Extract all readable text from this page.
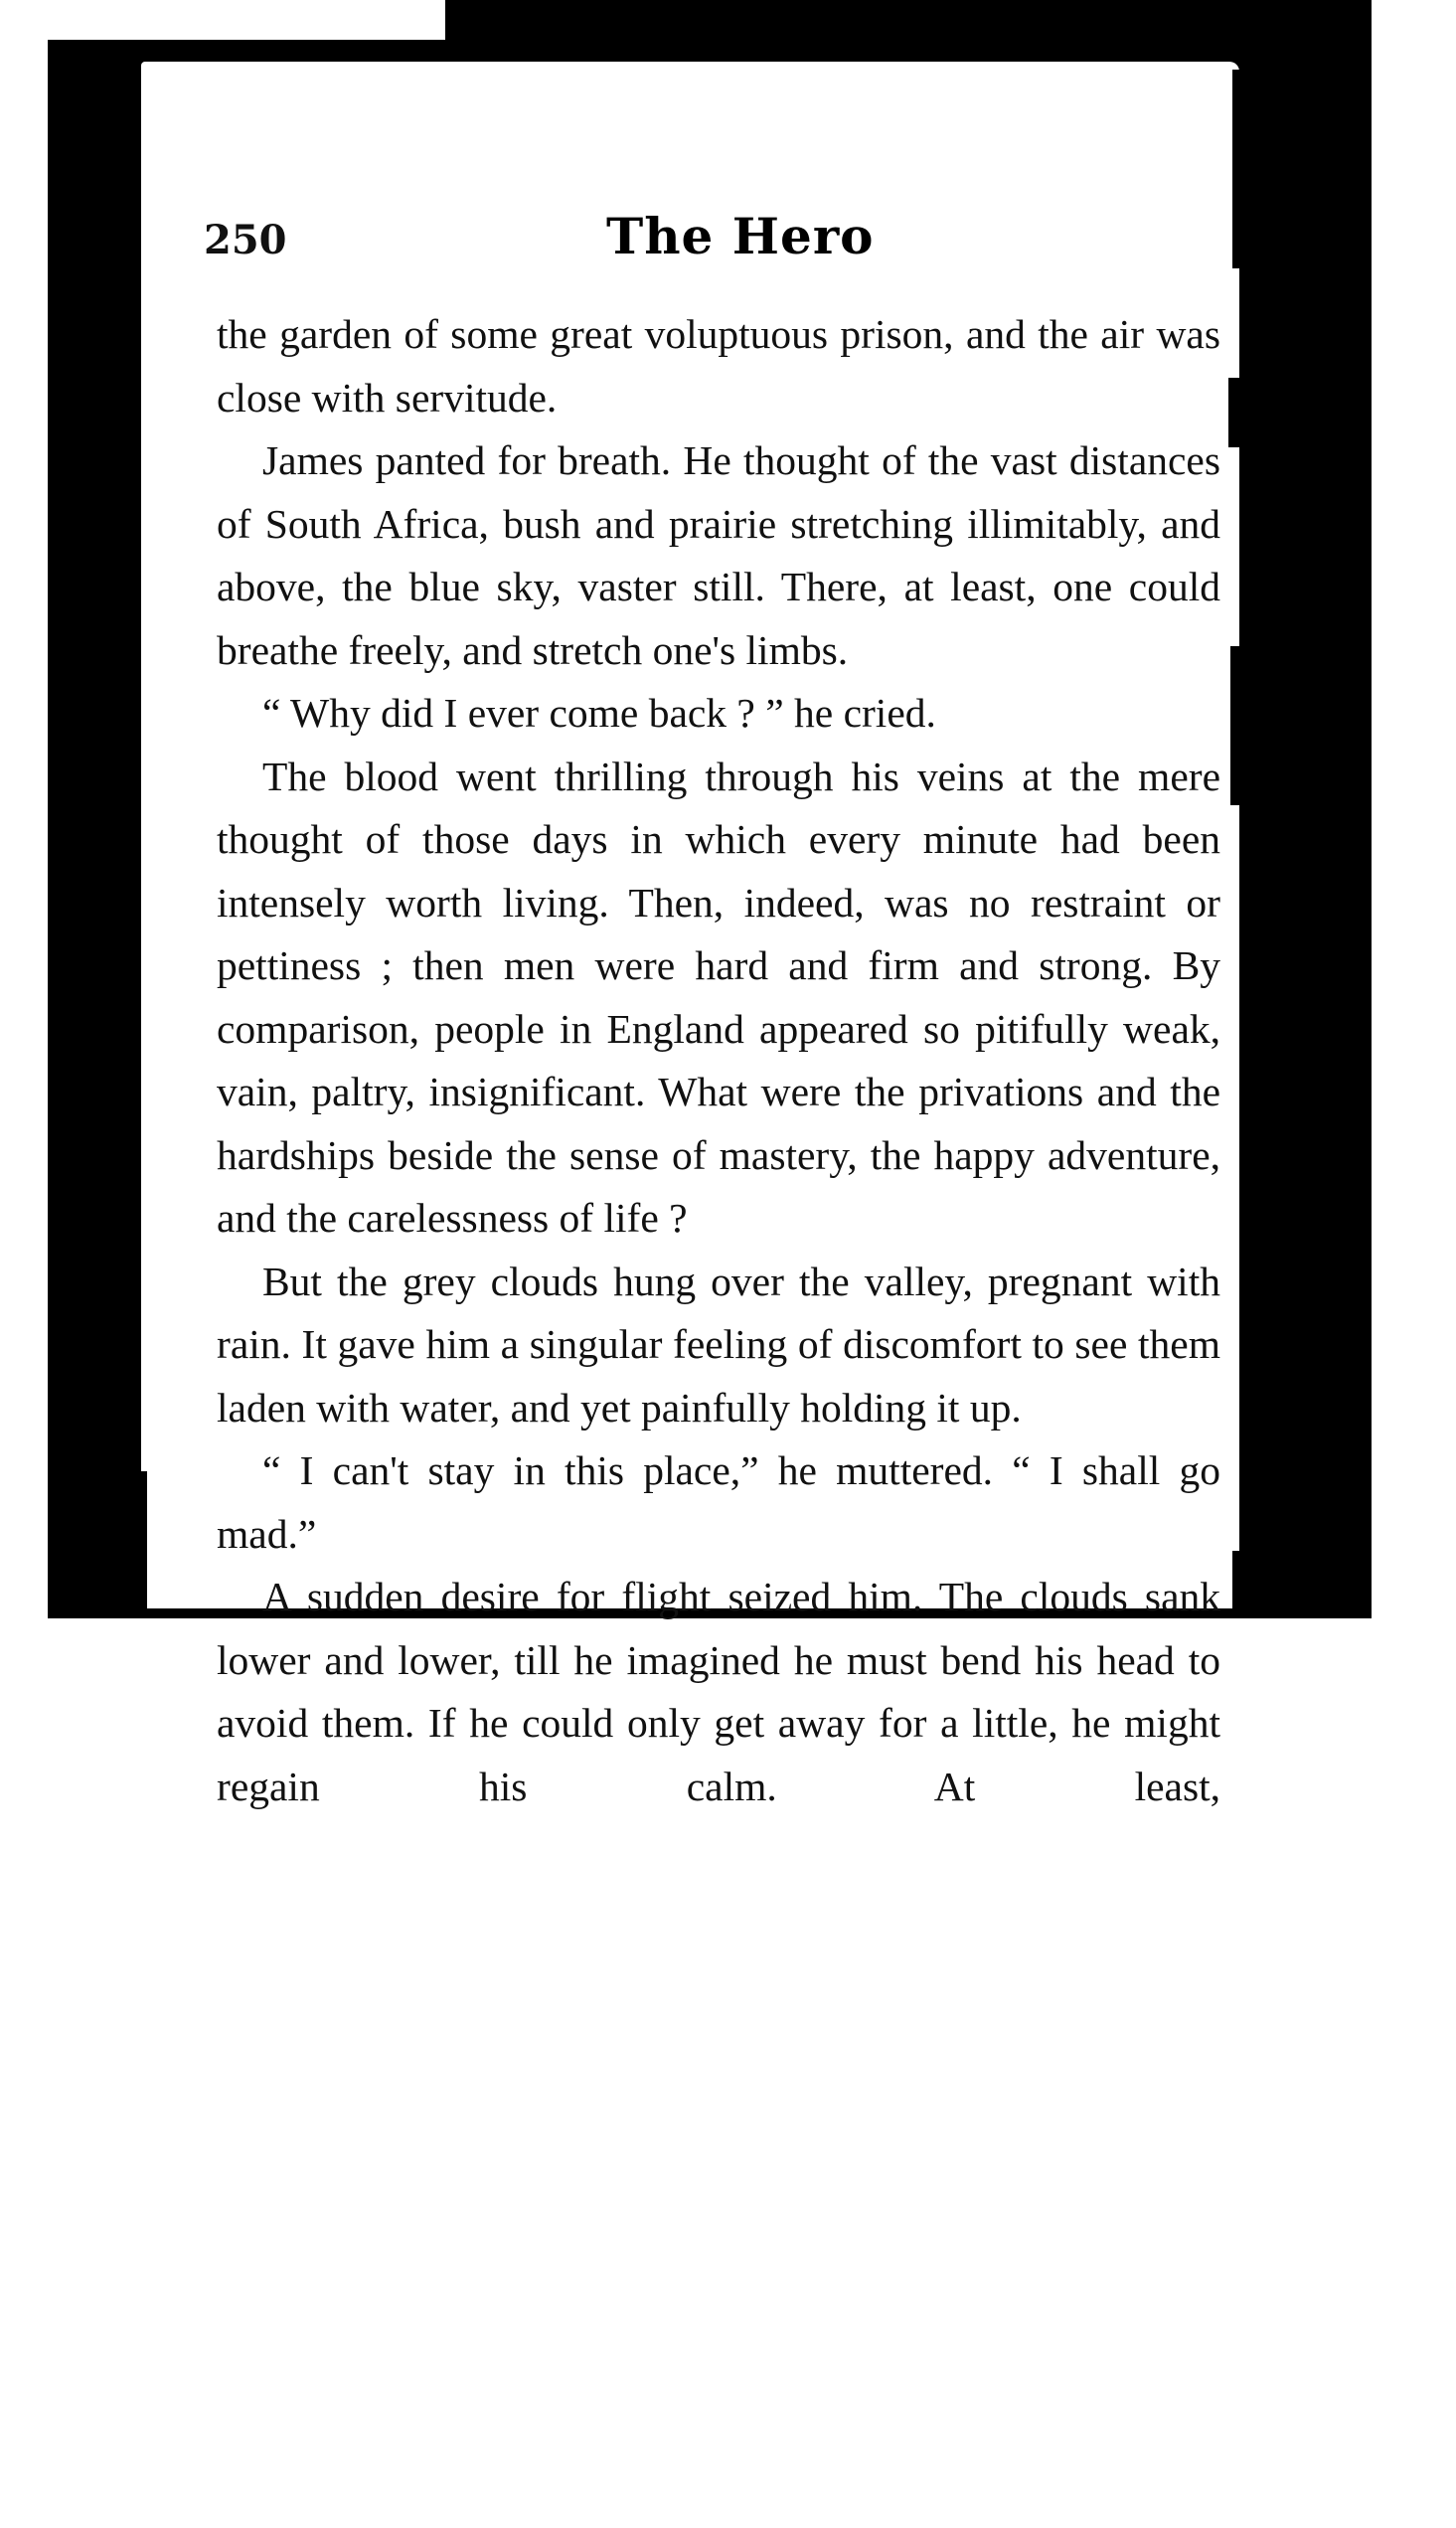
250	The Hero

the garden of some great voluptuous prison, and the air was close with servitude.

James panted for breath. He thought of the vast distances of South Africa, bush and prairie stretching illimitably, and above, the blue sky, vaster still. There, at least, one could breathe freely, and stretch one's limbs.

“ Why did I ever come back ? ” he cried.

The blood went thrilling through his veins at the mere thought of those days in which every minute had been intensely worth living. Then, indeed, was no restraint or pettiness ; then men were hard and firm and strong. By comparison, people in England appeared so pitifully weak, vain, paltry, insignificant. What were the privations and the hardships beside the sense of mastery, the happy adventure, and the carelessness of life ?

But the grey clouds hung over the valley, pregnant with rain. It gave him a singular feeling of discomfort to see them laden with water, and yet painfully holding it up.

“ I can't stay in this place,” he muttered. “ I shall go mad.”

A sudden desire for flight seized him. The clouds sank lower and lower, till he imagined he must bend his head to avoid them. If he could only get away for a little, he might regain his calm. At least,
